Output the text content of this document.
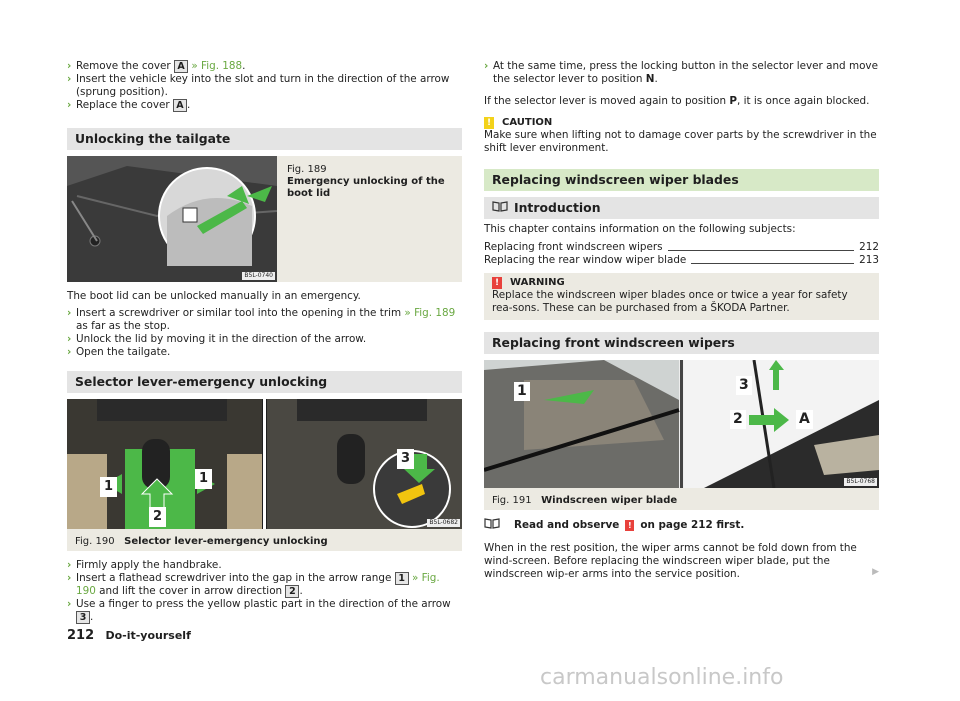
› Remove the cover A » Fig. 188.
› Insert the vehicle key into the slot and turn in the direction of the arrow (sprung position).
› Replace the cover A .
Unlocking the tailgate
B5L-0740
Fig. 189
Emergency unlocking of the boot lid
The boot lid can be unlocked manually in an emergency.
› Insert a screwdriver or similar tool into the opening in the trim » Fig. 189 as far as the stop.
› Unlock the lid by moving it in the direction of the arrow.
› Open the tailgate.
Selector lever-emergency unlocking
1
1
2
3
B5L-0682
Fig. 190 Selector lever-emergency unlocking
› Firmly apply the handbrake.
› Insert a flathead screwdriver into the gap in the arrow range 1 » Fig. 190 and lift the cover in arrow direction 2 .
› Use a finger to press the yellow plastic part in the direction of the arrow 3 .
› At the same time, press the locking button in the selector lever and move the selector lever to position N.
If the selector lever is moved again to position P, it is once again blocked.
! CAUTION
Make sure when lifting not to damage cover parts by the screwdriver in the shift lever environment.
Replacing windscreen wiper blades
Introduction
This chapter contains information on the following subjects:
Replacing front windscreen wipers	212
Replacing the rear window wiper blade	213
! WARNING
Replace the windscreen wiper blades once or twice a year for safety rea-sons. These can be purchased from a ŠKODA Partner.
Replacing front windscreen wipers
1	3
2	A
B5L-0768
Fig. 191 Windscreen wiper blade
Read and observe	! on page 212 first.
When in the rest position, the wiper arms cannot be fold down from the wind-screen. Before replacing the windscreen wiper blade, put the windscreen wip-er arms into the service position.	▶
212 Do-it-yourself
carmanualsonline.info
